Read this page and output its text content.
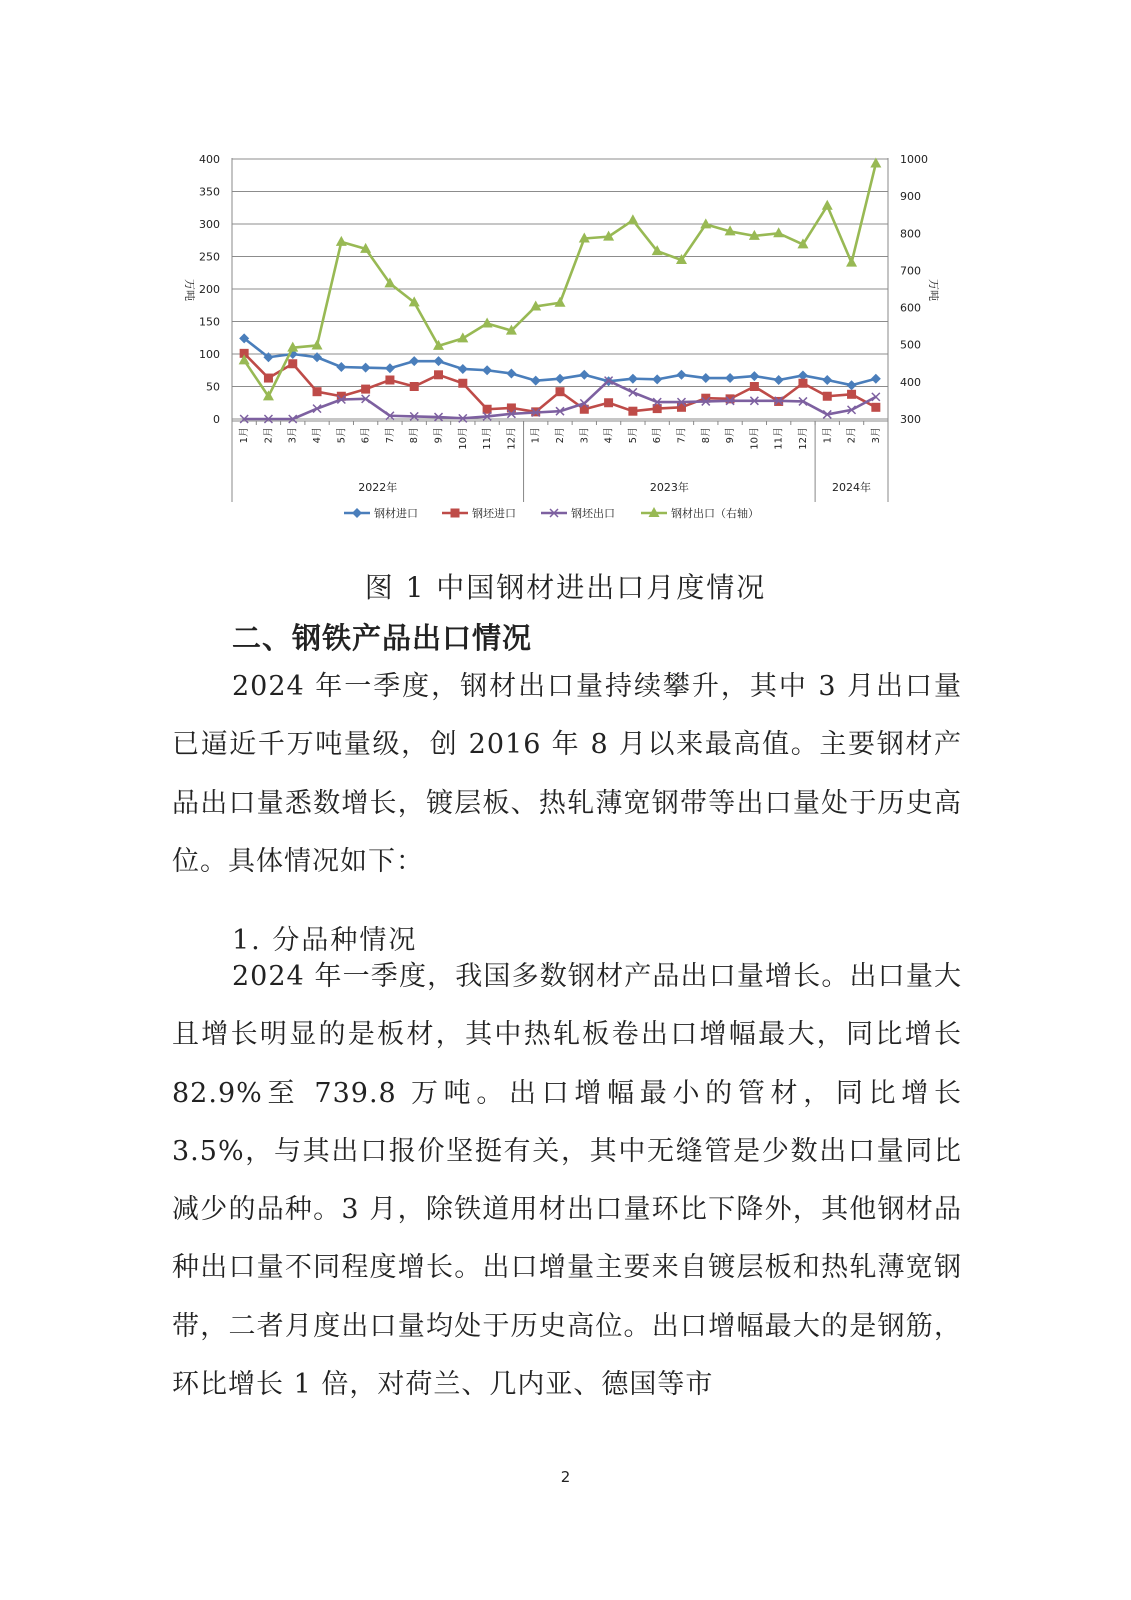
万吨	万吨
0
50
100
150
200
250
300
350
400
300
400
500
600
700
800
900
1000
1月 2月 3月 4月 5月 6月 7月 8月 9月 10月 11月 12月 1月 2月 3月 4月 5月 6月 7月 8月 9月 10月 11月 12月 1月 2月 3月
2022年	2023年	2024年
钢材进口	钢坯进口	钢坯出口	钢材出口（右轴）
图 1 中国钢材进出口月度情况
二、钢铁产品出口情况

2024 年一季度，钢材出口量持续攀升，其中 3 月出口量已逼近千万吨量级，创 2016 年 8 月以来最高值。主要钢材产品出口量悉数增长，镀层板、热轧薄宽钢带等出口量处于历史高位。具体情况如下：

1. 分品种情况

2024 年一季度，我国多数钢材产品出口量增长。出口量大且增长明显的是板材，其中热轧板卷出口增幅最大，同比增长 82.9%至 739.8 万吨。出口增幅最小的管材，同比增长 3.5%，与其出口报价坚挺有关，其中无缝管是少数出口量同比减少的品种。3 月，除铁道用材出口量环比下降外，其他钢材品种出口量不同程度增长。出口增量主要来自镀层板和热轧薄宽钢带，二者月度出口量均处于历史高位。出口增幅最大的是钢筋，环比增长 1 倍，对荷兰、几内亚、德国等市

2
